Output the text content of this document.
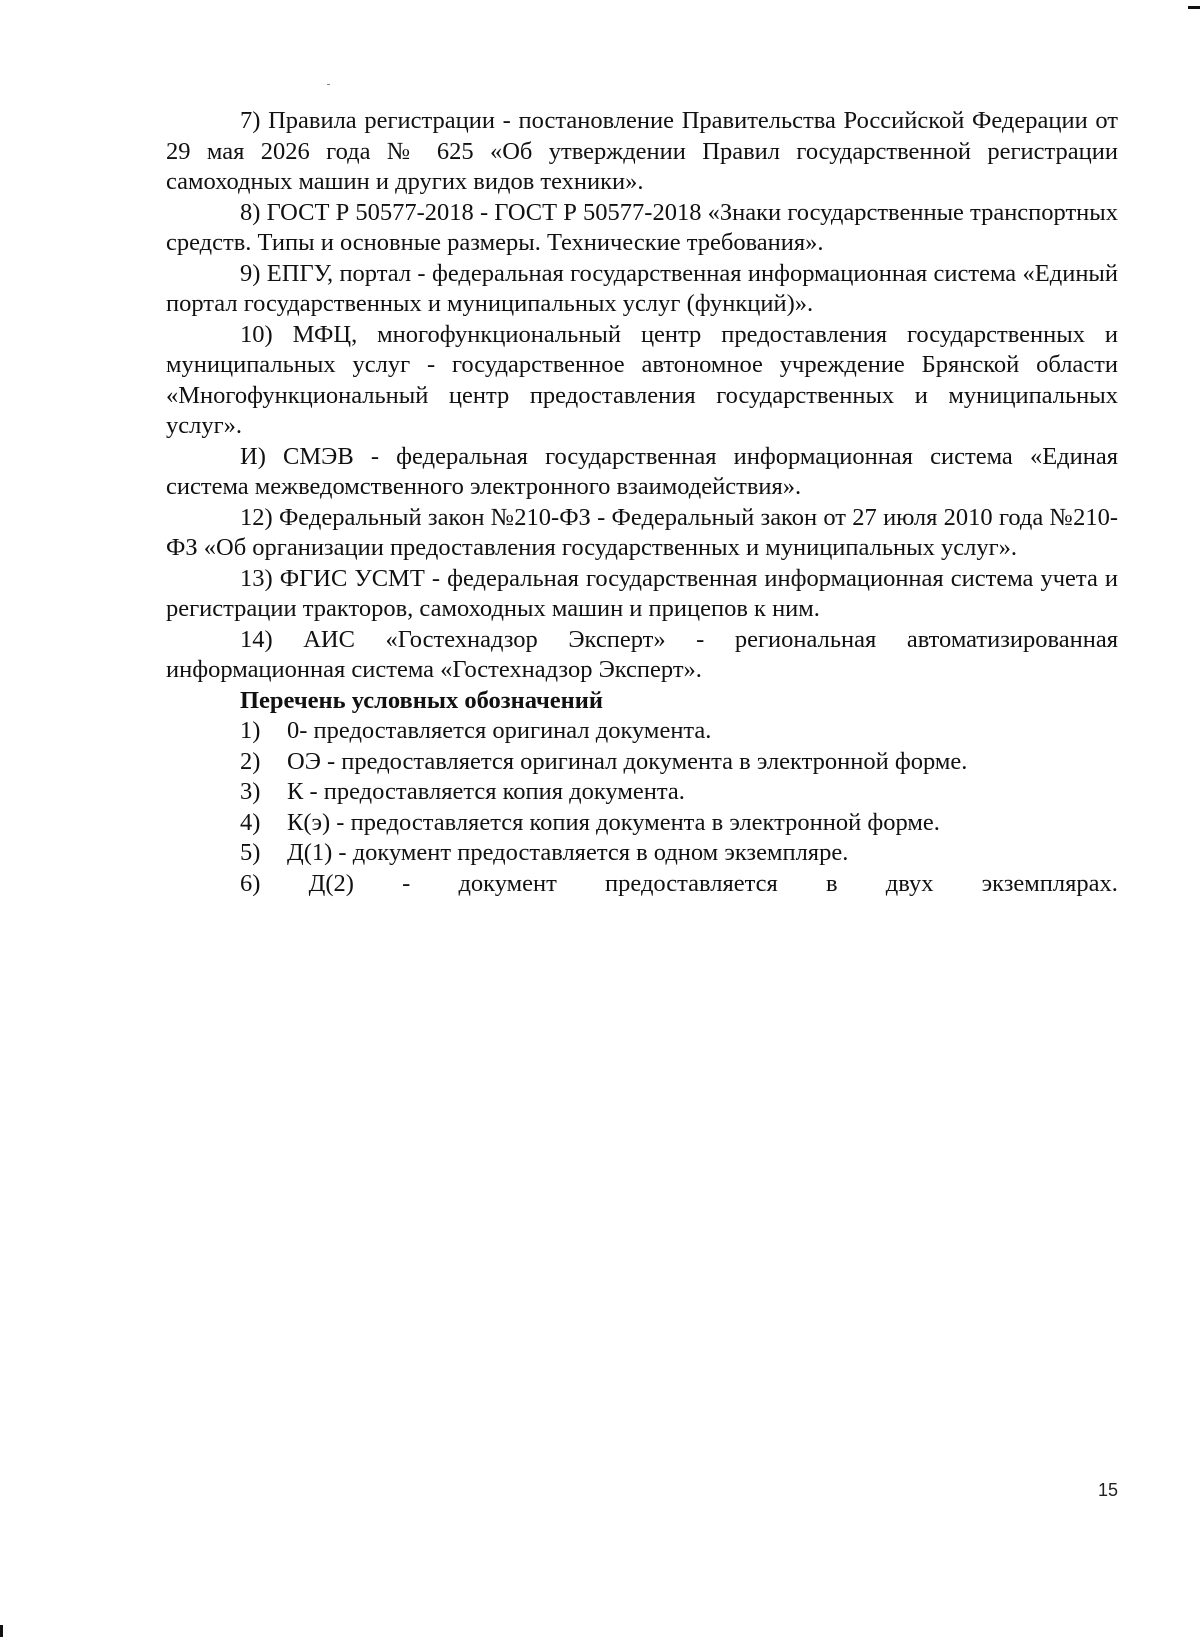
7) Правила регистрации - постановление Правительства Российской Федерации от 29 мая 2026 года № 625 «Об утверждении Правил государственной регистрации самоходных машин и других видов техники».

8) ГОСТ Р 50577-2018 - ГОСТ Р 50577-2018 «Знаки государственные транспортных средств. Типы и основные размеры. Технические требования».

9) ЕПГУ, портал - федеральная государственная информационная система «Единый портал государственных и муниципальных услуг (функций)».

10) МФЦ, многофункциональный центр предоставления государственных и муниципальных услуг - государственное автономное учреждение Брянской области «Многофункциональный центр предоставления государственных и муниципальных услуг».

И) СМЭВ - федеральная государственная информационная система «Единая система межведомственного электронного взаимодействия».

12) Федеральный закон №210-ФЗ - Федеральный закон от 27 июля 2010 года №210-ФЗ «Об организации предоставления государственных и муниципальных услуг».

13) ФГИС УСМТ - федеральная государственная информационная система учета и регистрации тракторов, самоходных машин и прицепов к ним.

14) АИС «Гостехнадзор Эксперт» - региональная автоматизированная информационная система «Гостехнадзор Эксперт».

Перечень условных обозначений

1) 0- предоставляется оригинал документа.

2) ОЭ - предоставляется оригинал документа в электронной форме.

3) К - предоставляется копия документа.

4) К(э) - предоставляется копия документа в электронной форме.

5) Д(1) - документ предоставляется в одном экземпляре.

6) Д(2) - документ предоставляется в двух экземплярах.

15
